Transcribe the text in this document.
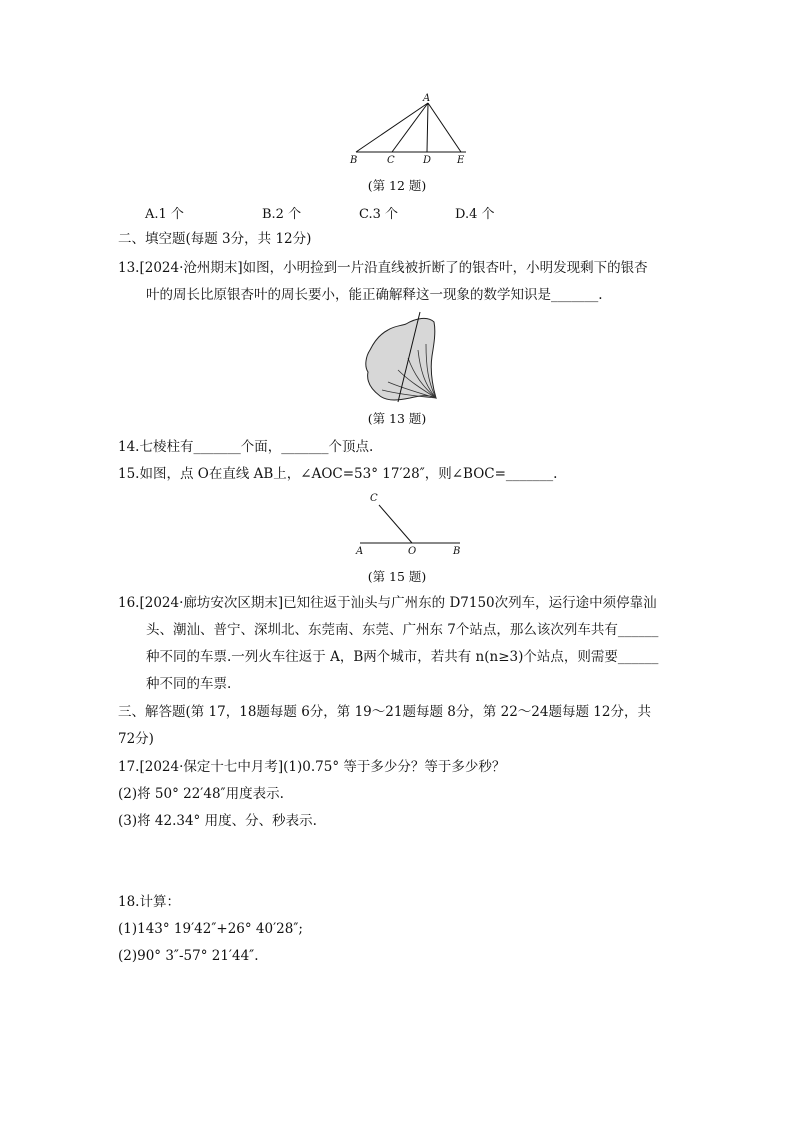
A
B	C	D	E
(第 12 题)
A.1 个	B.2 个	C.3 个	D.4 个
二、填空题(每题 3分，共 12分)
13.[2024·沧州期末]如图，小明捡到一片沿直线被折断了的银杏叶，小明发现剩下的银杏
叶的周长比原银杏叶的周长要小，能正确解释这一现象的数学知识是_______.
(第 13 题)
14.七棱柱有_______个面，_______个顶点.
15.如图，点 O在直线 AB上，∠AOC=53° 17′28″，则∠BOC=_______.
C
A	O	B
(第 15 题)
16.[2024·廊坊安次区期末]已知往返于汕头与广州东的 D7150次列车，运行途中须停靠汕
头、潮汕、普宁、深圳北、东莞南、东莞、广州东 7个站点，那么该次列车共有______
种不同的车票.一列火车往返于 A，B两个城市，若共有 n(n≥3)个站点，则需要______
种不同的车票.
三、解答题(第 17，18题每题 6分，第 19～21题每题 8分，第 22～24题每题 12分，共
72分)
17.[2024·保定十七中月考](1)0.75° 等于多少分？等于多少秒？
(2)将 50° 22′48″用度表示.
(3)将 42.34° 用度、分、秒表示.
18.计算：
(1)143° 19′42″+26° 40′28″;
(2)90° 3″-57° 21′44″.
